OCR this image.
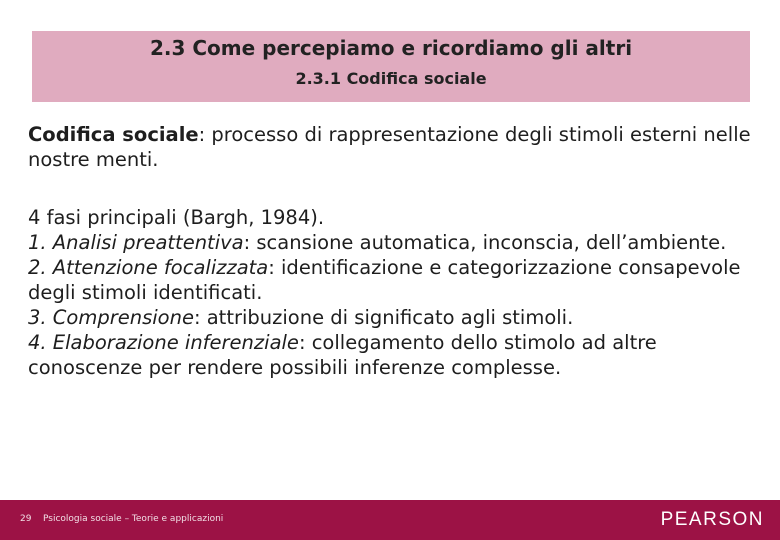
2.3 Come percepiamo e ricordiamo gli altri
2.3.1 Codifica sociale

Codifica sociale: processo di rappresentazione degli stimoli esterni nelle nostre menti.

4 fasi principali (Bargh, 1984).

1. Analisi preattentiva: scansione automatica, inconscia, dell’ambiente.

2. Attenzione focalizzata: identificazione e categorizzazione consapevole degli stimoli identificati.

3. Comprensione: attribuzione di significato agli stimoli.

4. Elaborazione inferenziale: collegamento dello stimolo ad altre conoscenze per rendere possibili inferenze complesse.

29 Psicologia sociale – Teorie e applicazioni	PEARSON
